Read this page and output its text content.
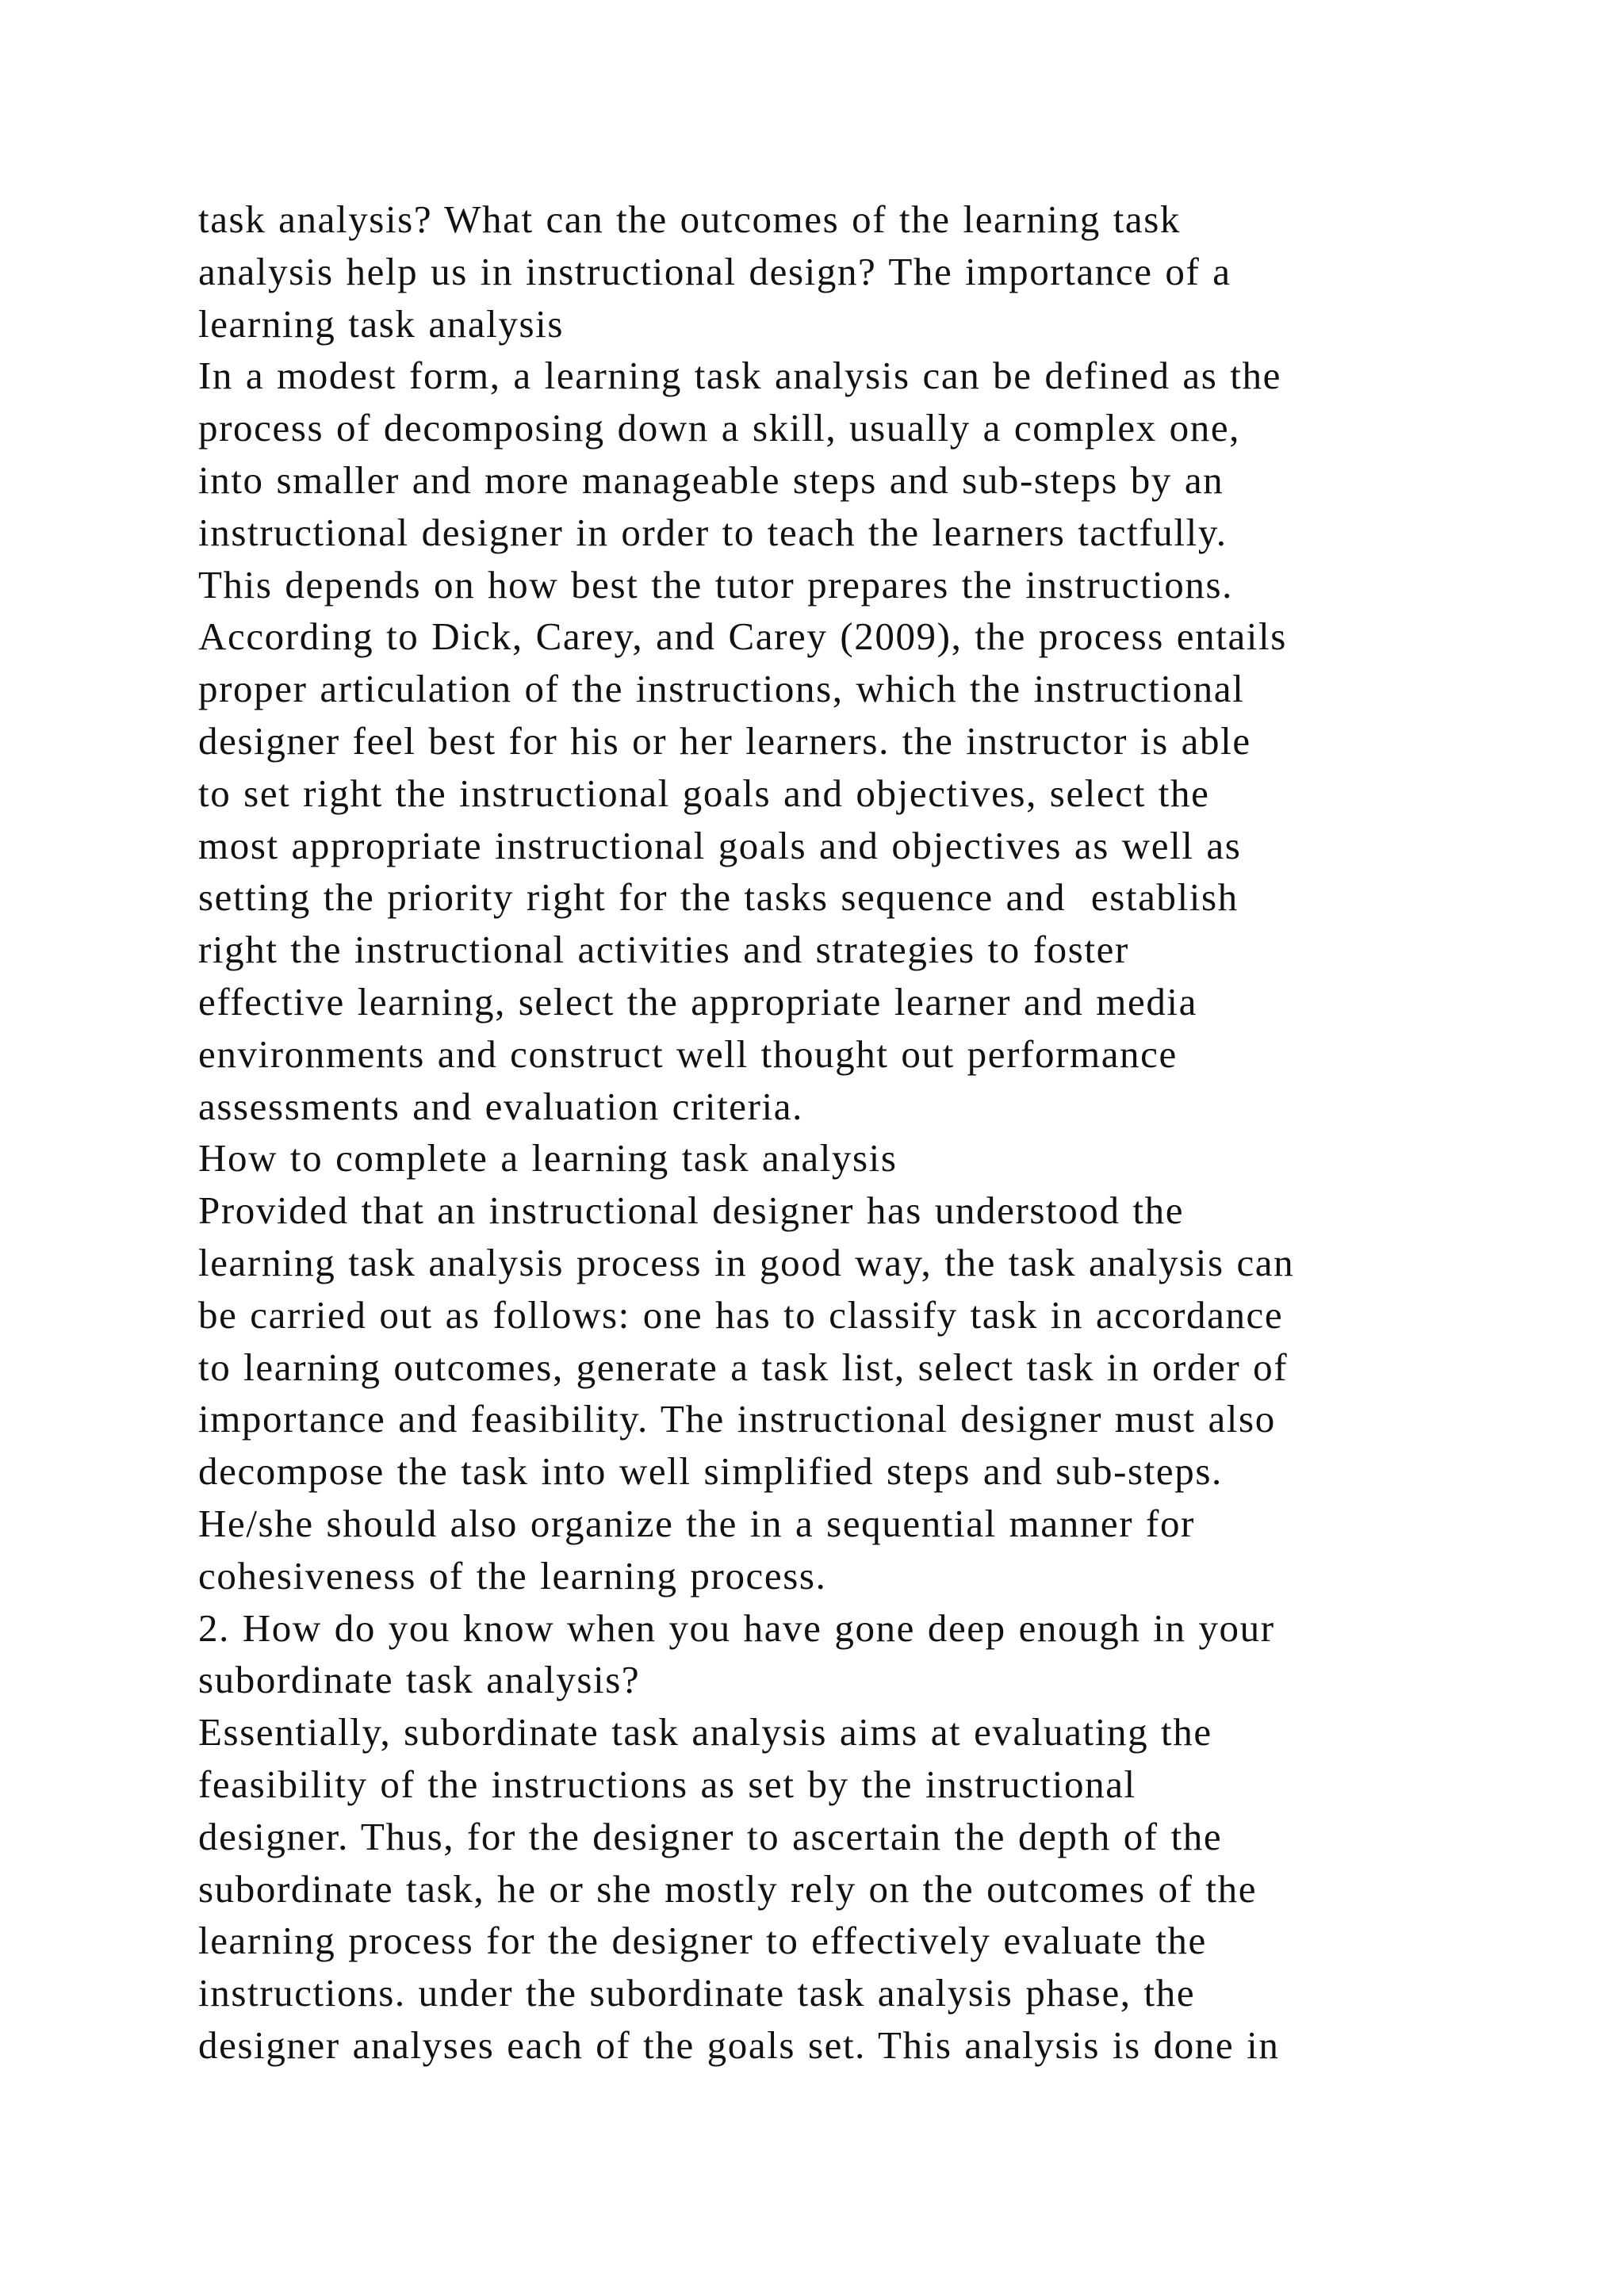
task analysis? What can the outcomes of the learning task
analysis help us in instructional design? The importance of a
learning task analysis
In a modest form, a learning task analysis can be defined as the
process of decomposing down a skill, usually a complex one,
into smaller and more manageable steps and sub-steps by an
instructional designer in order to teach the learners tactfully.
This depends on how best the tutor prepares the instructions.
According to Dick, Carey, and Carey (2009), the process entails
proper articulation of the instructions, which the instructional
designer feel best for his or her learners. the instructor is able
to set right the instructional goals and objectives, select the
most appropriate instructional goals and objectives as well as
setting the priority right for the tasks sequence and  establish
right the instructional activities and strategies to foster
effective learning, select the appropriate learner and media
environments and construct well thought out performance
assessments and evaluation criteria.
How to complete a learning task analysis
Provided that an instructional designer has understood the
learning task analysis process in good way, the task analysis can
be carried out as follows: one has to classify task in accordance
to learning outcomes, generate a task list, select task in order of
importance and feasibility. The instructional designer must also
decompose the task into well simplified steps and sub-steps.
He/she should also organize the in a sequential manner for
cohesiveness of the learning process.
2. How do you know when you have gone deep enough in your
subordinate task analysis?
Essentially, subordinate task analysis aims at evaluating the
feasibility of the instructions as set by the instructional
designer. Thus, for the designer to ascertain the depth of the
subordinate task, he or she mostly rely on the outcomes of the
learning process for the designer to effectively evaluate the
instructions. under the subordinate task analysis phase, the
designer analyses each of the goals set. This analysis is done in
